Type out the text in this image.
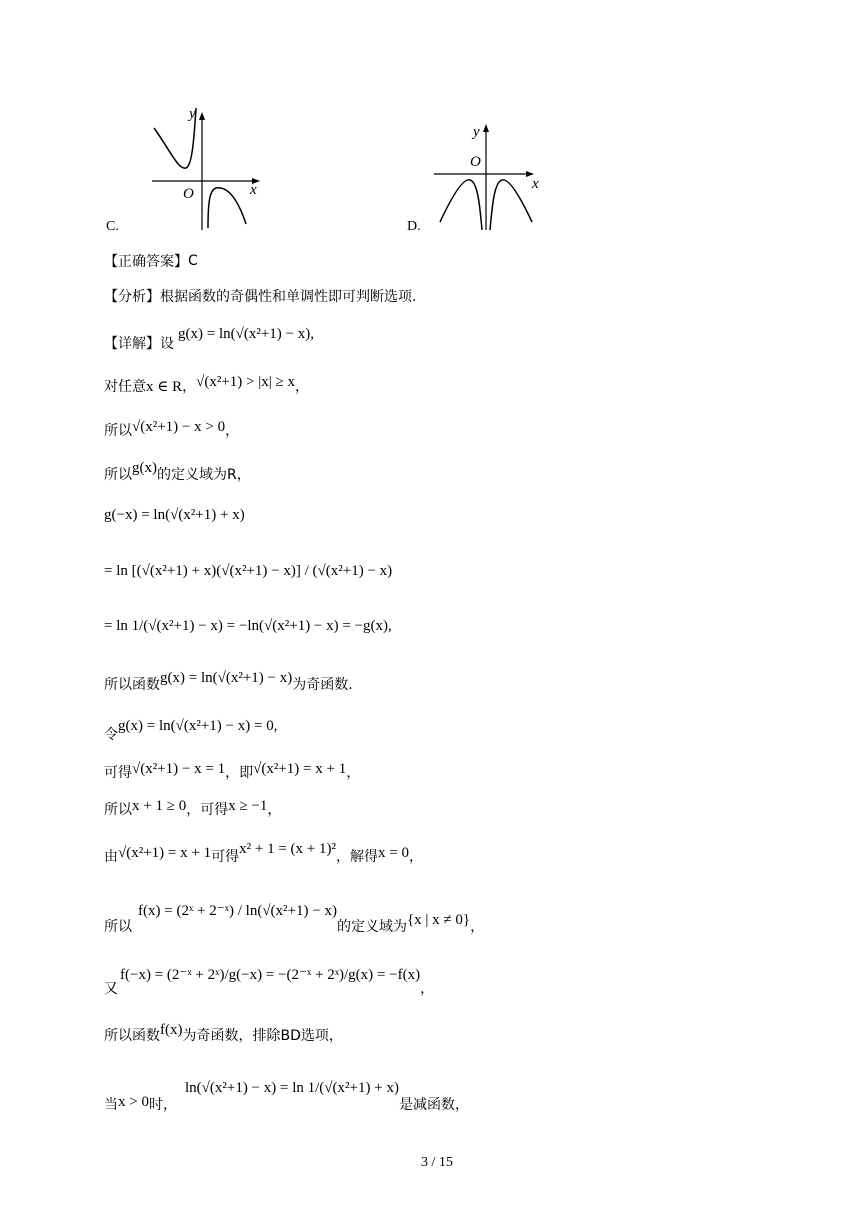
y
x
O
C.
y
x
O
D.
【正确答案】 C
【分析】 根据函数的奇偶性和单调性即可判断选项.
【详解】 设
g(x) = ln(√(x²+1) − x),
对任意 x ∈ R ， √(x²+1) > |x| ≥ x ，
所以 √(x²+1) − x > 0 ，
所以 g(x) 的定义域为R，
g(−x) = ln(√(x²+1) + x)
= ln [(√(x²+1) + x)(√(x²+1) − x)] / (√(x²+1) − x)
= ln 1/(√(x²+1) − x) = −ln(√(x²+1) − x) = −g(x),
所以函数 g(x) = ln(√(x²+1) − x) 为奇函数.
令
g(x) = ln(√(x²+1) − x) = 0,
可得 √(x²+1) − x = 1 ，即 √(x²+1) = x + 1 ，
所以 x + 1 ≥ 0 ，可得 x ≥ −1 ，
由 √(x²+1) = x + 1 可得
x² + 1 = (x + 1)²
，解得 x = 0 ，
所以
f(x) = (2ˣ + 2⁻ˣ) / ln(√(x²+1) − x)
的定义域为 {x | x ≠ 0} ，
又
f(−x) = (2⁻ˣ + 2ˣ)/g(−x) = −(2⁻ˣ + 2ˣ)/g(x) = −f(x)
，
所以函数 f(x) 为奇函数，排除BD选项，
当 x > 0 时，
ln(√(x²+1) − x) = ln 1/(√(x²+1) + x)
是减函数，

3 / 15
